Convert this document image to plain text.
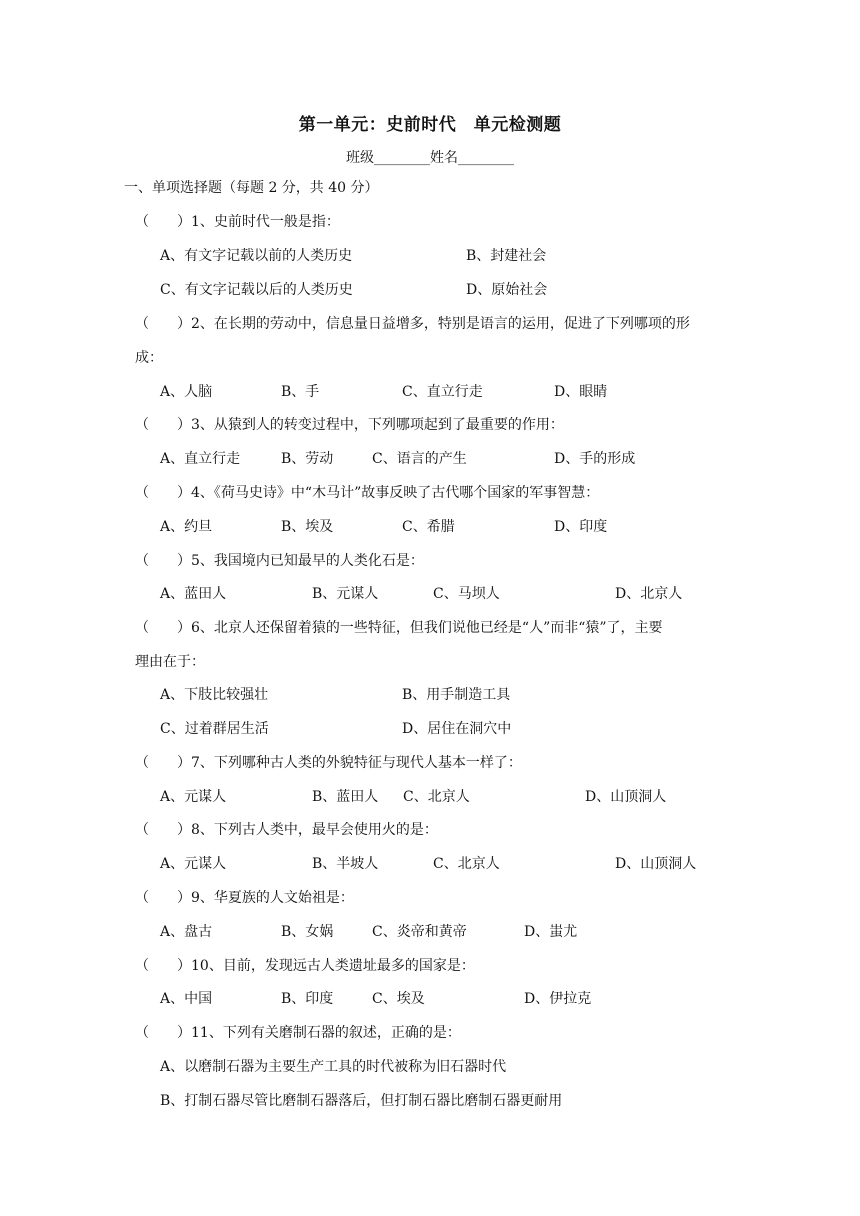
第一单元：史前时代　单元检测题
班级________姓名________
一、单项选择题（每题 2 分，共 40 分）
（　　）1、史前时代一般是指：
A、有文字记载以前的人类历史	B、封建社会
C、有文字记载以后的人类历史	D、原始社会
（　　）2、在长期的劳动中，信息量日益增多，特别是语言的运用，促进了下列哪项的形
成：
A、人脑	B、手	C、直立行走	D、眼睛
（　　）3、从猿到人的转变过程中，下列哪项起到了最重要的作用：
A、直立行走	B、劳动	C、语言的产生	D、手的形成
（　　）4、《荷马史诗》中“木马计”故事反映了古代哪个国家的军事智慧：
A、约旦	B、埃及	C、希腊	D、印度
（　　）5、我国境内已知最早的人类化石是：
A、蓝田人	B、元谋人	C、马坝人	D、北京人
（　　）6、北京人还保留着猿的一些特征，但我们说他已经是“人”而非“猿”了，主要
理由在于：
A、下肢比较强壮	B、用手制造工具
C、过着群居生活	D、居住在洞穴中
（　　）7、下列哪种古人类的外貌特征与现代人基本一样了：
A、元谋人	B、蓝田人 C、北京人	D、山顶洞人
（　　）8、下列古人类中，最早会使用火的是：
A、元谋人	B、半坡人	C、北京人	D、山顶洞人
（　　）9、华夏族的人文始祖是：
A、盘古	B、女娲	C、炎帝和黄帝	D、蚩尤
（　　）10、目前，发现远古人类遗址最多的国家是：
A、中国	B、印度	C、埃及	D、伊拉克
（　　）11、下列有关磨制石器的叙述，正确的是：
A、以磨制石器为主要生产工具的时代被称为旧石器时代
B、打制石器尽管比磨制石器落后，但打制石器比磨制石器更耐用
